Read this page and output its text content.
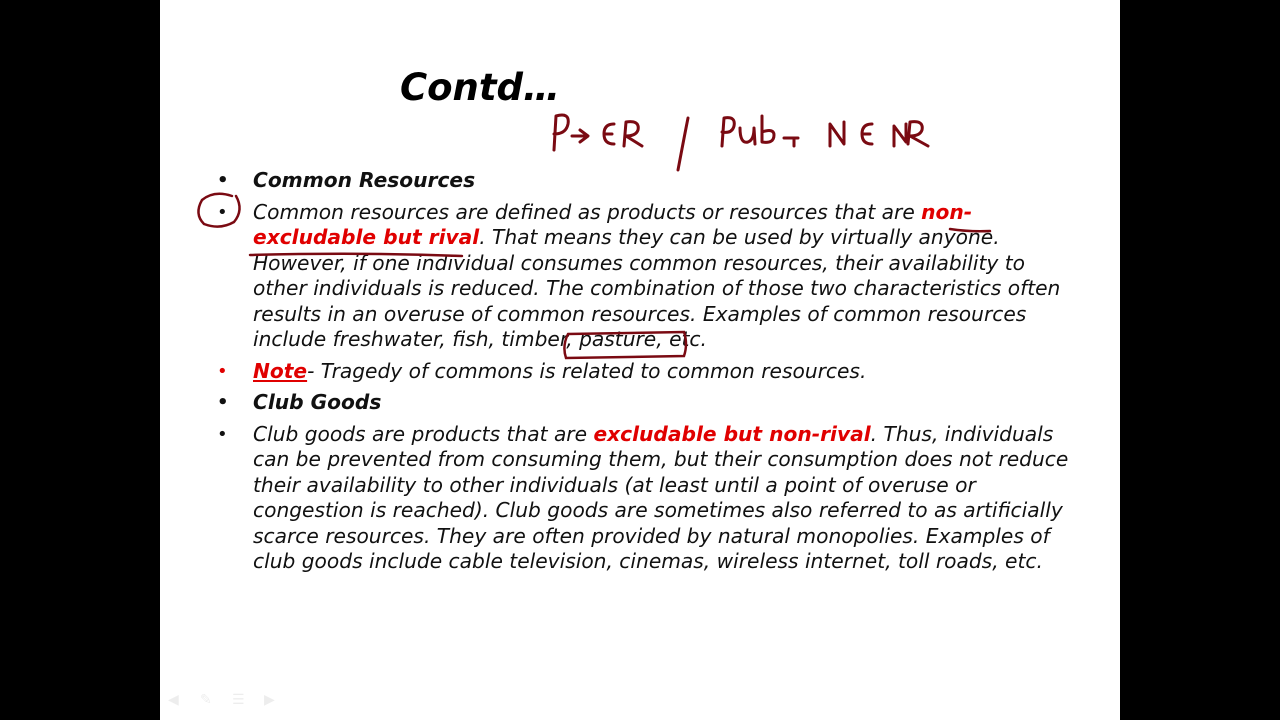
Contd…

• Common Resources

• Common resources are defined as products or resources that are non-excludable but rival. That means they can be used by virtually anyone. However, if one individual consumes common resources, their availability to other individuals is reduced. The combination of those two characteristics often results in an overuse of common resources. Examples of common resources include freshwater, fish, timber, pasture, etc.

• Note- Tragedy of commons is related to common resources.

• Club Goods

• Club goods are products that are excludable but non-rival. Thus, individuals can be prevented from consuming them, but their consumption does not reduce their availability to other individuals (at least until a point of overuse or congestion is reached). Club goods are sometimes also referred to as artificially scarce resources. They are often provided by natural monopolies. Examples of club goods include cable television, cinemas, wireless internet, toll roads, etc.

◀	✎	☰	▶
